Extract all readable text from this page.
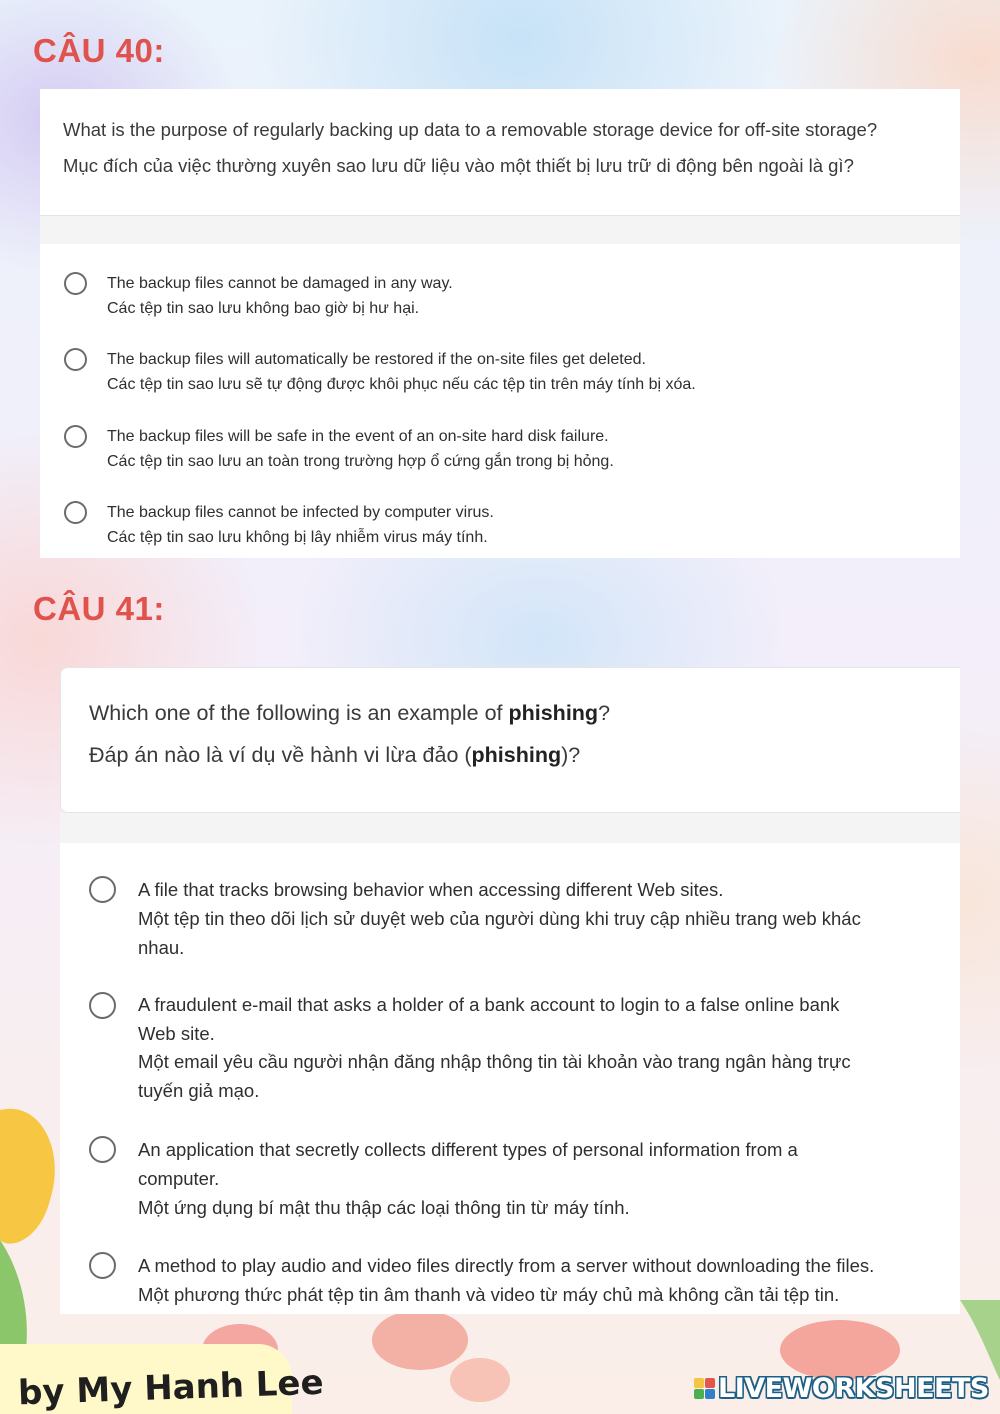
CÂU 40:

What is the purpose of regularly backing up data to a removable storage device for off-site storage?

Mục đích của việc thường xuyên sao lưu dữ liệu vào một thiết bị lưu trữ di động bên ngoài là gì?

The backup files cannot be damaged in any way.
Các tệp tin sao lưu không bao giờ bị hư hại.
The backup files will automatically be restored if the on-site files get deleted.
Các tệp tin sao lưu sẽ tự động được khôi phục nếu các tệp tin trên máy tính bị xóa.
The backup files will be safe in the event of an on-site hard disk failure.
Các tệp tin sao lưu an toàn trong trường hợp ổ cứng gắn trong bị hỏng.
The backup files cannot be infected by computer virus.
Các tệp tin sao lưu không bị lây nhiễm virus máy tính.
CÂU 41:

Which one of the following is an example of phishing?

Đáp án nào là ví dụ về hành vi lừa đảo (phishing)?

A file that tracks browsing behavior when accessing different Web sites.
Một tệp tin theo dõi lịch sử duyệt web của người dùng khi truy cập nhiều trang web khác
nhau.
A fraudulent e-mail that asks a holder of a bank account to login to a false online bank
Web site.
Một email yêu cầu người nhận đăng nhập thông tin tài khoản vào trang ngân hàng trực
tuyến giả mạo.
An application that secretly collects different types of personal information from a
computer.
Một ứng dụng bí mật thu thập các loại thông tin từ máy tính.
A method to play audio and video files directly from a server without downloading the files.
Một phương thức phát tệp tin âm thanh và video từ máy chủ mà không cần tải tệp tin.
by My Hanh Lee	LIVEWORKSHEETS
